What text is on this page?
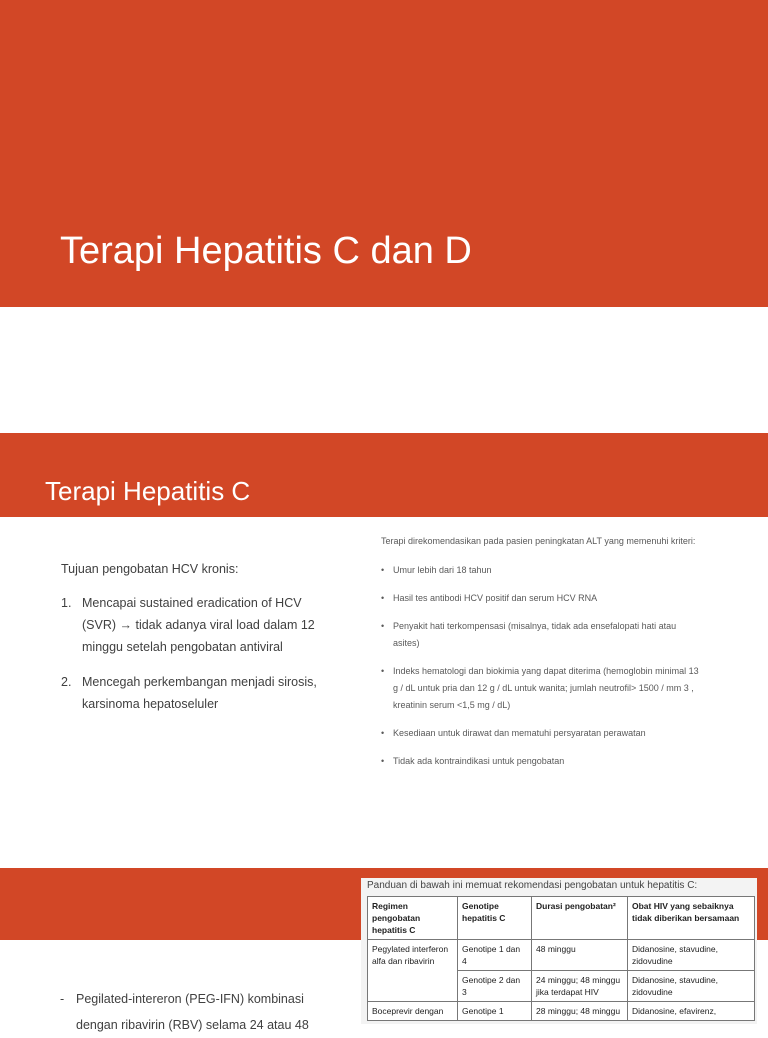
Terapi Hepatitis C dan D
Terapi Hepatitis C

Tujuan pengobatan HCV kronis:

1. Mencapai sustained eradication of HCV (SVR) → tidak adanya viral load dalam 12 minggu setelah pengobatan antiviral
2. Mencegah perkembangan menjadi sirosis, karsinoma hepatoseluler

Terapi direkomendasikan pada pasien peningkatan ALT yang memenuhi kriteri:

• Umur lebih dari 18 tahun
• Hasil tes antibodi HCV positif dan serum HCV RNA
• Penyakit hati terkompensasi (misalnya, tidak ada ensefalopati hati atau asites)
• Indeks hematologi dan biokimia yang dapat diterima (hemoglobin minimal 13 g / dL untuk pria dan 12 g / dL untuk wanita; jumlah neutrofil> 1500 / mm 3 , kreatinin serum <1,5 mg / dL)
• Kesediaan untuk dirawat dan mematuhi persyaratan perawatan
• Tidak ada kontraindikasi untuk pengobatan
Panduan di bawah ini memuat rekomendasi pengobatan untuk hepatitis C:
Regimen pengobatan hepatitis C	Genotipe hepatitis C	Durasi pengobatan²	Obat HIV yang sebaiknya tidak diberikan bersamaan
Pegylated interferon alfa dan ribavirin	Genotipe 1 dan 4	48 minggu	Didanosine, stavudine, zidovudine
	Genotipe 2 dan 3	24 minggu; 48 minggu jika terdapat HIV	Didanosine, stavudine, zidovudine
Boceprevir dengan	Genotipe 1	28 minggu; 48 minggu	Didanosine, efavirenz,
- Pegilated-intereron (PEG-IFN) kombinasi dengan ribavirin (RBV) selama 24 atau 48
